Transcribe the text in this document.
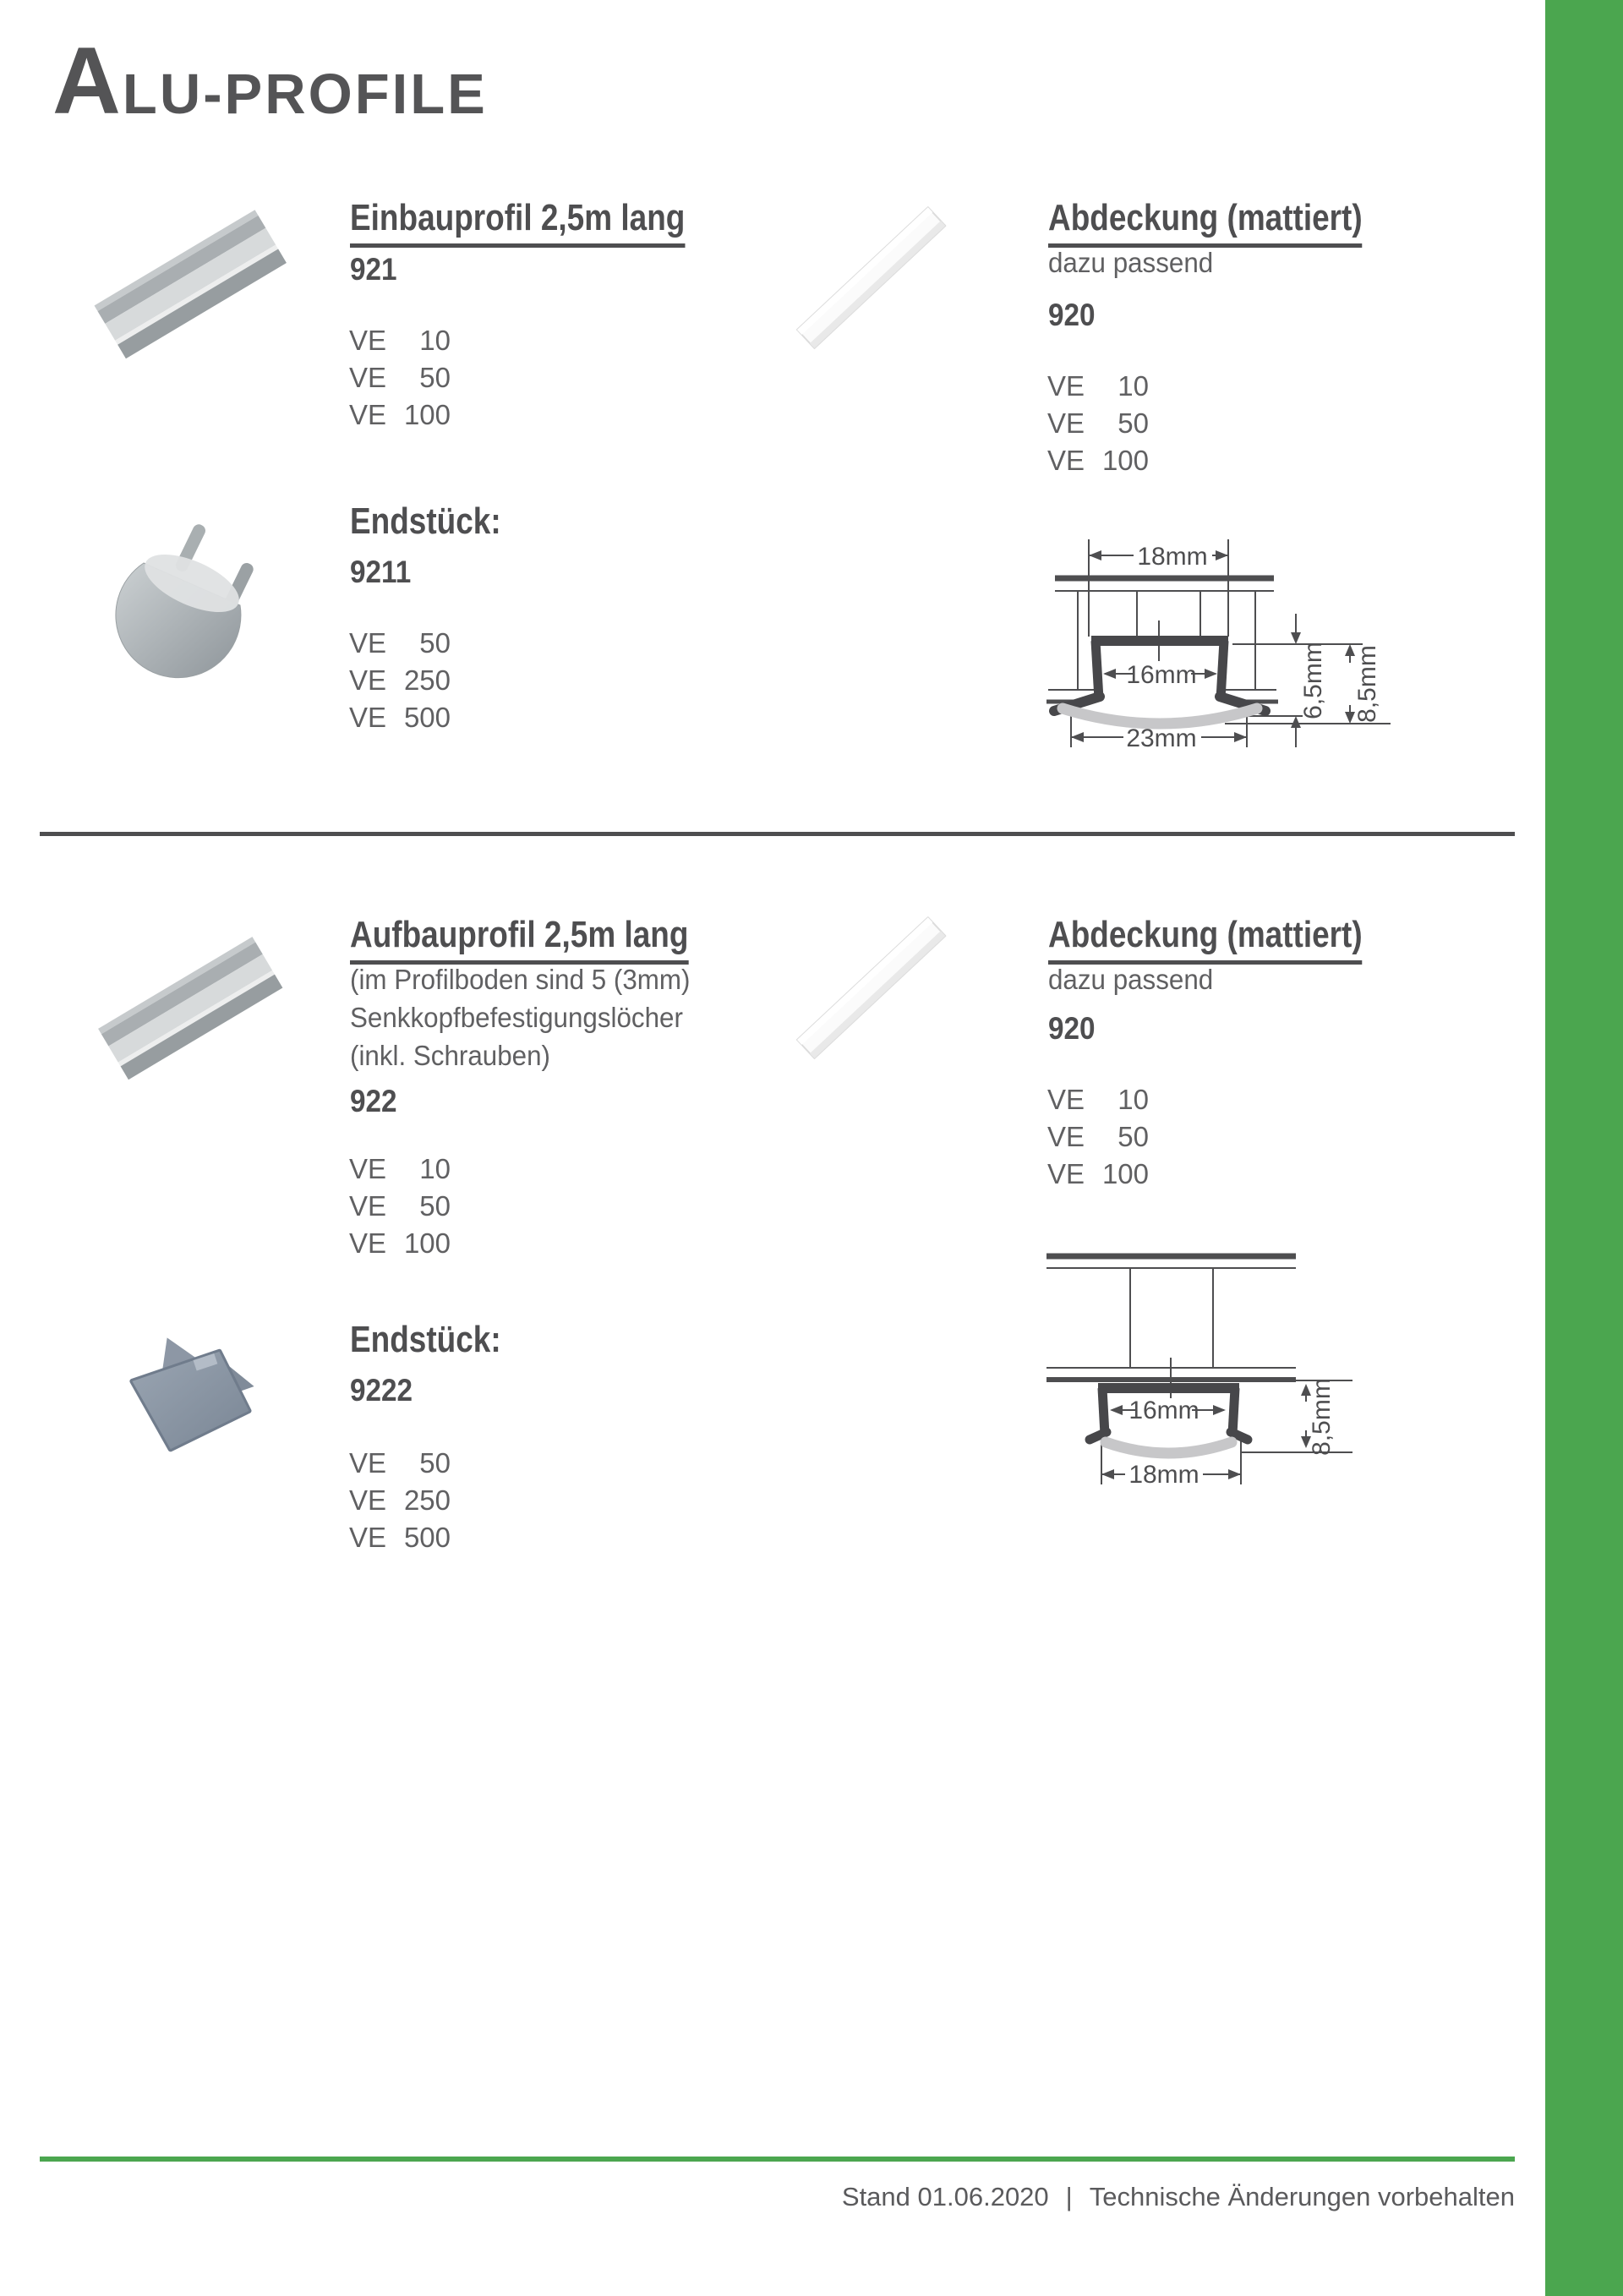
A LU-PROFILE
Einbauprofil 2,5m lang
921
VE 10
VE 50
VE 100
Endstück:
9211
VE 50
VE 250
VE 500
Abdeckung (mattiert)
dazu passend
920
VE 10
VE 50
VE 100
18mm
16mm
23mm
6,5mm 8,5mm
Aufbauprofil 2,5m lang
(im Profilboden sind 5 (3mm)
Senkkopfbefestigungslöcher
(inkl. Schrauben)
922
VE 10
VE 50
VE 100
Endstück:
9222
VE 50
VE 250
VE 500
Abdeckung (mattiert)
dazu passend
920
VE 10
VE 50
VE 100
16mm
18mm
8,5mm
Stand 01.06.2020 | Technische Änderungen vorbehalten
